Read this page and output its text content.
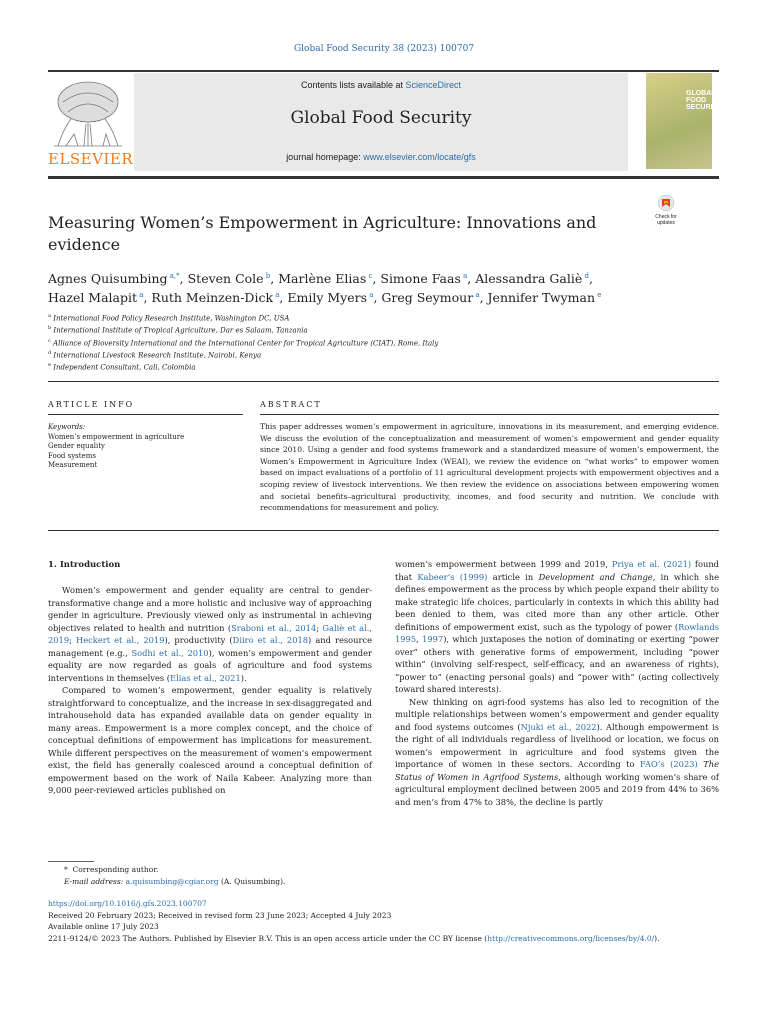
Global Food Security 38 (2023) 100707
ELSEVIER
Contents lists available at ScienceDirect
Global Food Security
journal homepage: www.elsevier.com/locate/gfs
GLOBAL FOOD SECURITY
Check for updates
Measuring Women’s Empowerment in Agriculture: Innovations and evidence
Agnes Quisumbing $^{a,*}$, Steven Cole $^b$, Marlène Elias $^c$, Simone Faas $^a$, Alessandra Galiè $^d$,
Hazel Malapit $^a$, Ruth Meinzen-Dick $^a$, Emily Myers $^a$, Greg Seymour $^a$, Jennifer Twyman $^e$
$^a$ International Food Policy Research Institute, Washington DC, USA
$^b$ International Institute of Tropical Agriculture, Dar es Salaam, Tanzania
$^c$ Alliance of Bioversity International and the International Center for Tropical Agriculture (CIAT), Rome, Italy
$^d$ International Livestock Research Institute, Nairobi, Kenya
$^e$ Independent Consultant, Cali, Colombia
ARTICLE INFO	ABSTRACT
Keywords:
Women’s empowerment in agriculture
Gender equality
Food systems
Measurement
This paper addresses women’s empowerment in agriculture, innovations in its measurement, and emerging evidence. We discuss the evolution of the conceptualization and measurement of women’s empowerment and gender equality since 2010. Using a gender and food systems framework and a standardized measure of women’s empowerment, the Women’s Empowerment in Agriculture Index (WEAI), we review the evidence on “what works” to empower women based on impact evaluations of a portfolio of 11 agricultural development projects with empowerment objectives and a scoping review of livestock interventions. We then review the evidence on associations between empowering women and societal benefits–agricultural productivity, incomes, and food security and nutrition. We conclude with recommendations for measurement and policy.
1. Introduction

Women’s empowerment and gender equality are central to gender-transformative change and a more holistic and inclusive way of approaching gender in agriculture. Previously viewed only as instrumental in achieving objectives related to health and nutrition (Sraboni et al., 2014; Galiè et al., 2019; Heckert et al., 2019), productivity (Diiro et al., 2018) and resource management (e.g., Sodhi et al., 2010), women’s empowerment and gender equality are now regarded as goals of agriculture and food systems interventions in themselves (Elias et al., 2021).

Compared to women’s empowerment, gender equality is relatively straightforward to conceptualize, and the increase in sex-disaggregated and intrahousehold data has expanded available data on gender equality in many areas. Empowerment is a more complex concept, and the choice of conceptual definitions of empowerment has implications for measurement. While different perspectives on the measurement of women’s empowerment exist, the field has generally coalesced around a conceptual definition of empowerment based on the work of Naila Kabeer. Analyzing more than 9,000 peer-reviewed articles published on

women’s empowerment between 1999 and 2019, Priya et al. (2021) found that Kabeer’s (1999) article in Development and Change, in which she defines empowerment as the process by which people expand their ability to make strategic life choices, particularly in contexts in which this ability had been denied to them, was cited more than any other article. Other definitions of empowerment exist, such as the typology of power (Rowlands 1995, 1997), which juxtaposes the notion of dominating or exerting “power over” others with generative forms of empowerment, including “power within” (involving self-respect, self-efficacy, and an awareness of rights), “power to” (enacting personal goals) and “power with” (acting collectively toward shared interests).

New thinking on agri-food systems has also led to recognition of the multiple relationships between women’s empowerment and gender equality and food systems outcomes (Njuki et al., 2022). Although empowerment is the right of all individuals regardless of livelihood or location, we focus on women’s empowerment in agriculture and food systems given the importance of women in these sectors. According to FAO’s (2023) The Status of Women in Agrifood Systems, although working women’s share of agricultural employment declined between 2005 and 2019 from 44% to 36% and men’s from 47% to 38%, the decline is partly

*  Corresponding author.
E-mail address: a.quisumbing@cgiar.org (A. Quisumbing).
https://doi.org/10.1016/j.gfs.2023.100707
Received 20 February 2023; Received in revised form 23 June 2023; Accepted 4 July 2023
Available online 17 July 2023
2211-9124/© 2023 The Authors. Published by Elsevier B.V. This is an open access article under the CC BY license (http://creativecommons.org/licenses/by/4.0/).
